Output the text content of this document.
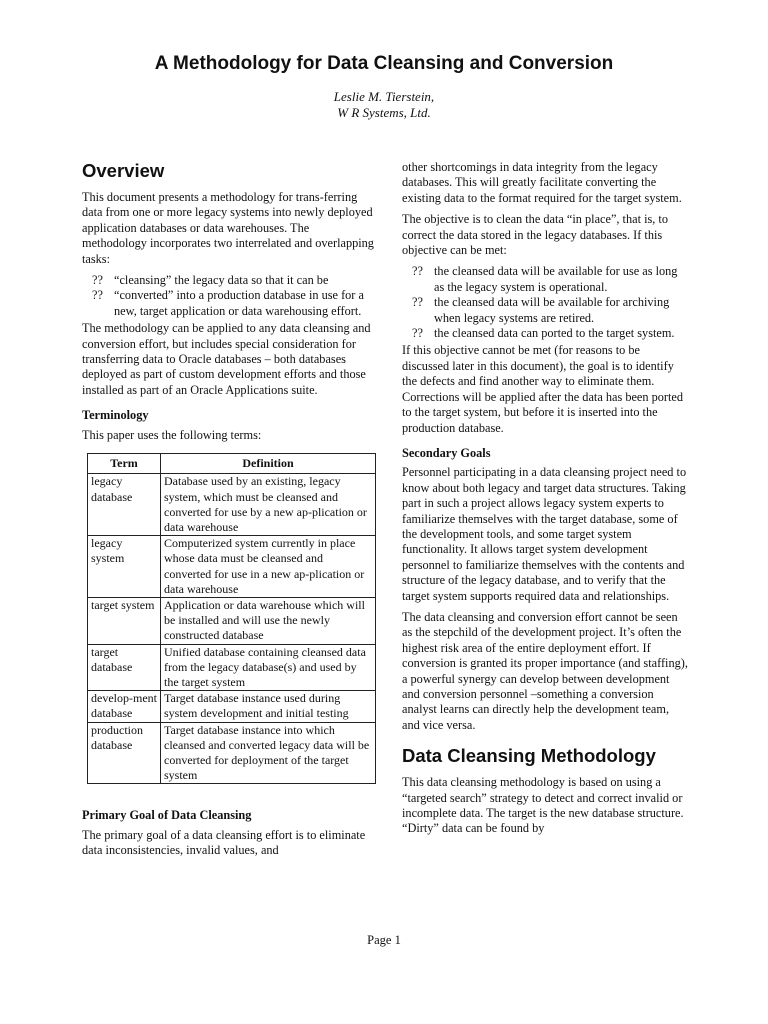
A Methodology for Data Cleansing and Conversion
Leslie M. Tierstein,
W R Systems, Ltd.
Overview

This document presents a methodology for trans-ferring data from one or more legacy systems into newly deployed application databases or data warehouses. The methodology incorporates two interrelated and overlapping tasks:

?? “cleansing” the legacy data so that it can be
?? “converted” into a production database in use for a new, target application or data warehousing effort.

The methodology can be applied to any data cleansing and conversion effort, but includes special consideration for transferring data to Oracle databases – both databases deployed as part of custom development efforts and those installed as part of an Oracle Applications suite.

Terminology

This paper uses the following terms:

Term	Definition
legacy database	Database used by an existing, legacy system, which must be cleansed and converted for use by a new ap-plication or data warehouse
legacy system	Computerized system currently in place whose data must be cleansed and converted for use in a new ap-plication or data warehouse
target system	Application or data warehouse which will be installed and will use the newly constructed database
target database	Unified database containing cleansed data from the legacy database(s) and used by the target system
develop-ment database	Target database instance used during system development and initial testing
production database	Target database instance into which cleansed and converted legacy data will be converted for deployment of the target system
Primary Goal of Data Cleansing

The primary goal of a data cleansing effort is to eliminate data inconsistencies, invalid values, and

other shortcomings in data integrity from the legacy databases. This will greatly facilitate converting the existing data to the format required for the target system.

The objective is to clean the data “in place”, that is, to correct the data stored in the legacy databases. If this objective can be met:

?? the cleansed data will be available for use as long as the legacy system is operational.
?? the cleansed data will be available for archiving when legacy systems are retired.
?? the cleansed data can ported to the target system.

If this objective cannot be met (for reasons to be discussed later in this document), the goal is to identify the defects and find another way to eliminate them. Corrections will be applied after the data has been ported to the target system, but before it is inserted into the production database.

Secondary Goals

Personnel participating in a data cleansing project need to know about both legacy and target data structures. Taking part in such a project allows legacy system experts to familiarize themselves with the target database, some of the development tools, and some target system functionality. It allows target system development personnel to familiarize themselves with the contents and structure of the legacy database, and to verify that the target system supports required data and relationships.

The data cleansing and conversion effort cannot be seen as the stepchild of the development project. It’s often the highest risk area of the entire deployment effort. If conversion is granted its proper importance (and staffing), a powerful synergy can develop between development and conversion personnel –something a conversion analyst learns can directly help the development team, and vice versa.

Data Cleansing Methodology

This data cleansing methodology is based on using a “targeted search” strategy to detect and correct invalid or incomplete data. The target is the new database structure. “Dirty” data can be found by

Page 1
